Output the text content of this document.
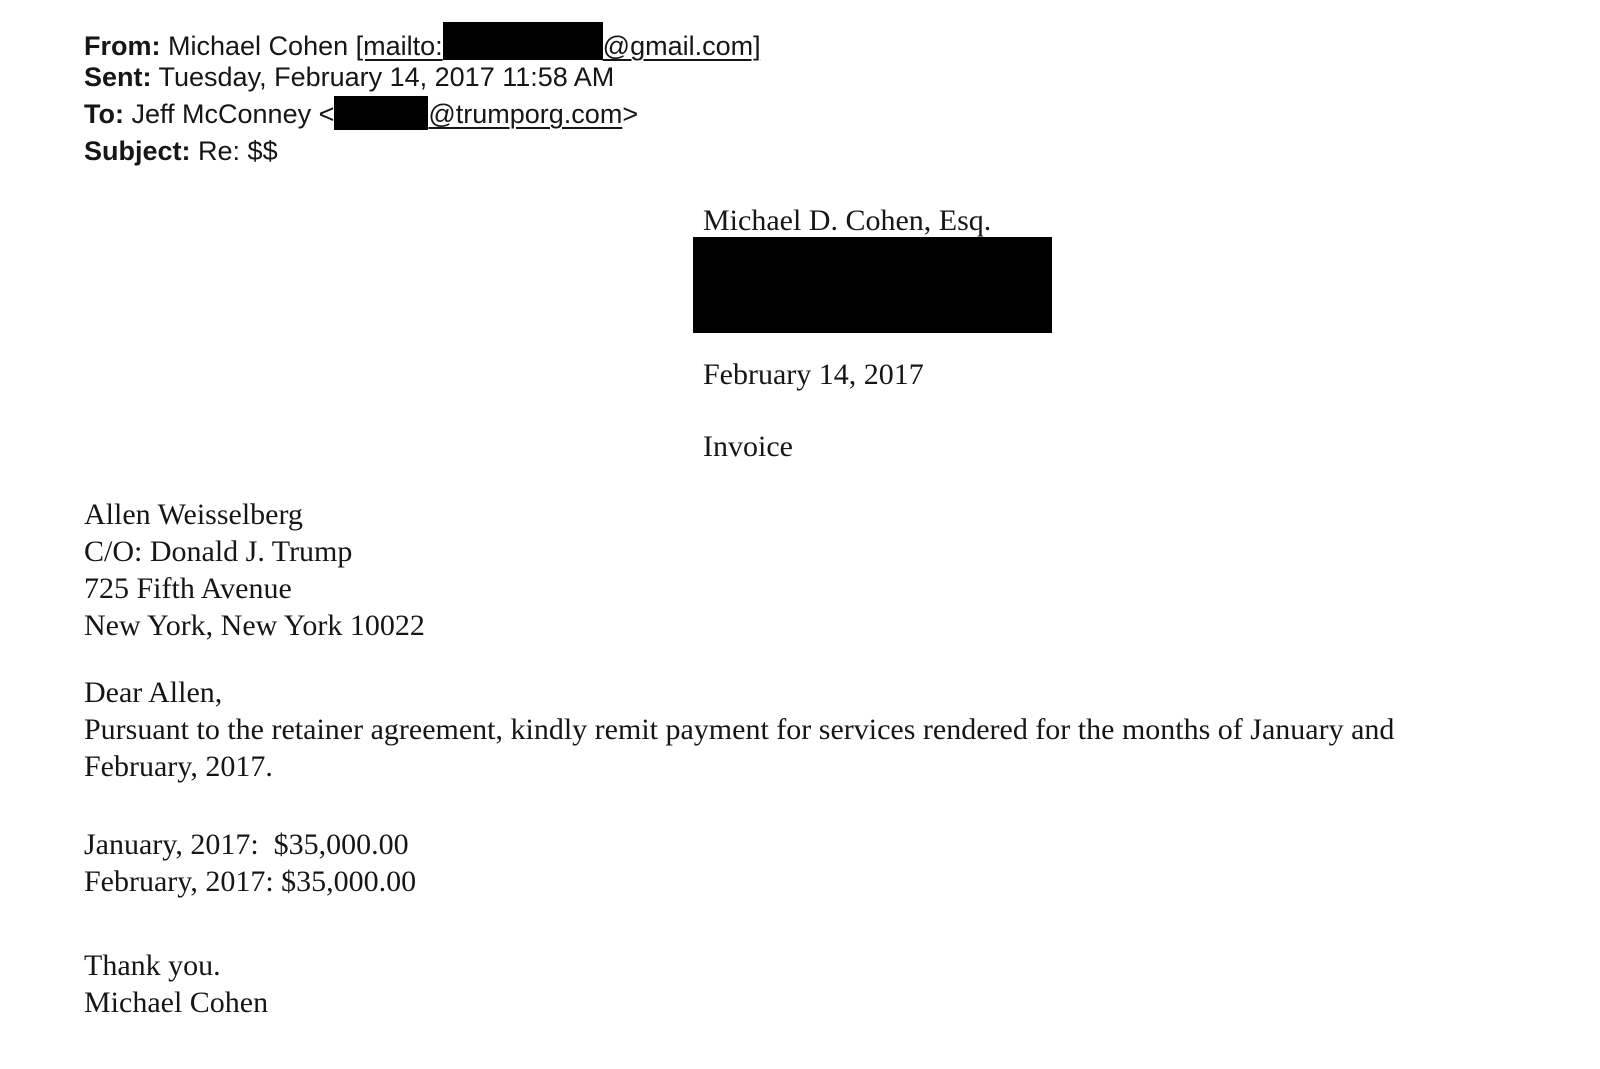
From: Michael Cohen [mailto:	@gmail.com]
Sent: Tuesday, February 14, 2017 11:58 AM
To: Jeff McConney <	@trumporg.com>
Subject: Re: $$
Michael D. Cohen, Esq.
February 14, 2017
Invoice
Allen Weisselberg
C/O: Donald J. Trump
725 Fifth Avenue
New York, New York 10022
Dear Allen,
Pursuant to the retainer agreement, kindly remit payment for services rendered for the months of January and
February, 2017.
January, 2017:  $35,000.00
February, 2017: $35,000.00
Thank you.
Michael Cohen
